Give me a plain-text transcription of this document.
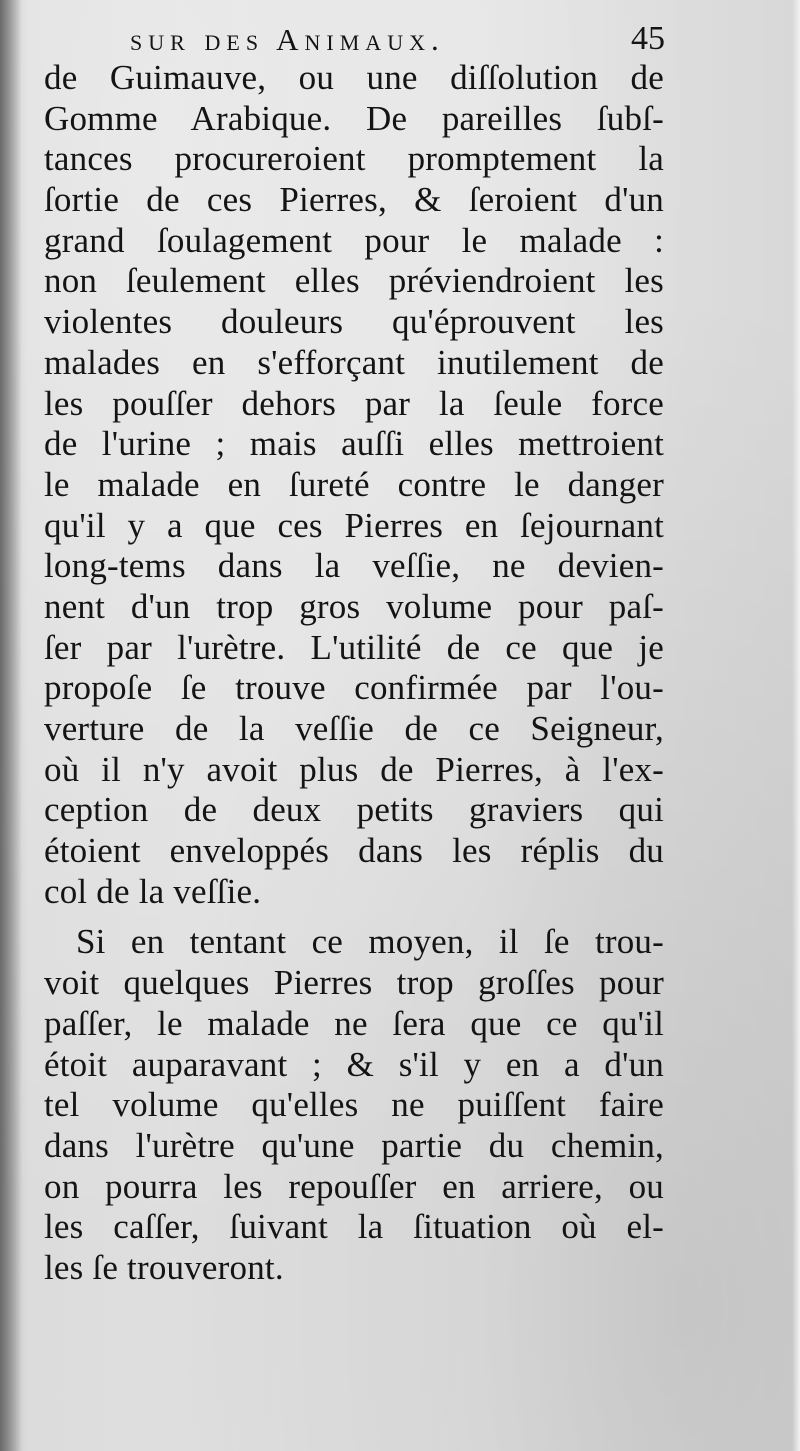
sur des Animaux.	45
de Guimauve, ou une diſſolution de
Gomme Arabique. De pareilles ſubſ-
tances procureroient promptement la
ſortie de ces Pierres, & ſeroient d'un
grand ſoulagement pour le malade :
non ſeulement elles préviendroient les
violentes douleurs qu'éprouvent les
malades en s'efforçant inutilement de
les pouſſer dehors par la ſeule force
de l'urine ; mais auſſi elles mettroient
le malade en ſureté contre le danger
qu'il y a que ces Pierres en ſejournant
long-tems dans la veſſie, ne devien-
nent d'un trop gros volume pour paſ-
ſer par l'urètre. L'utilité de ce que je
propoſe ſe trouve confirmée par l'ou-
verture de la veſſie de ce Seigneur,
où il n'y avoit plus de Pierres, à l'ex-
ception de deux petits graviers qui
étoient enveloppés dans les réplis du
col de la veſſie.
Si en tentant ce moyen, il ſe trou-
voit quelques Pierres trop groſſes pour
paſſer, le malade ne ſera que ce qu'il
étoit auparavant ; & s'il y en a d'un
tel volume qu'elles ne puiſſent faire
dans l'urètre qu'une partie du chemin,
on pourra les repouſſer en arriere, ou
les caſſer, ſuivant la ſituation où el-
les ſe trouveront.
